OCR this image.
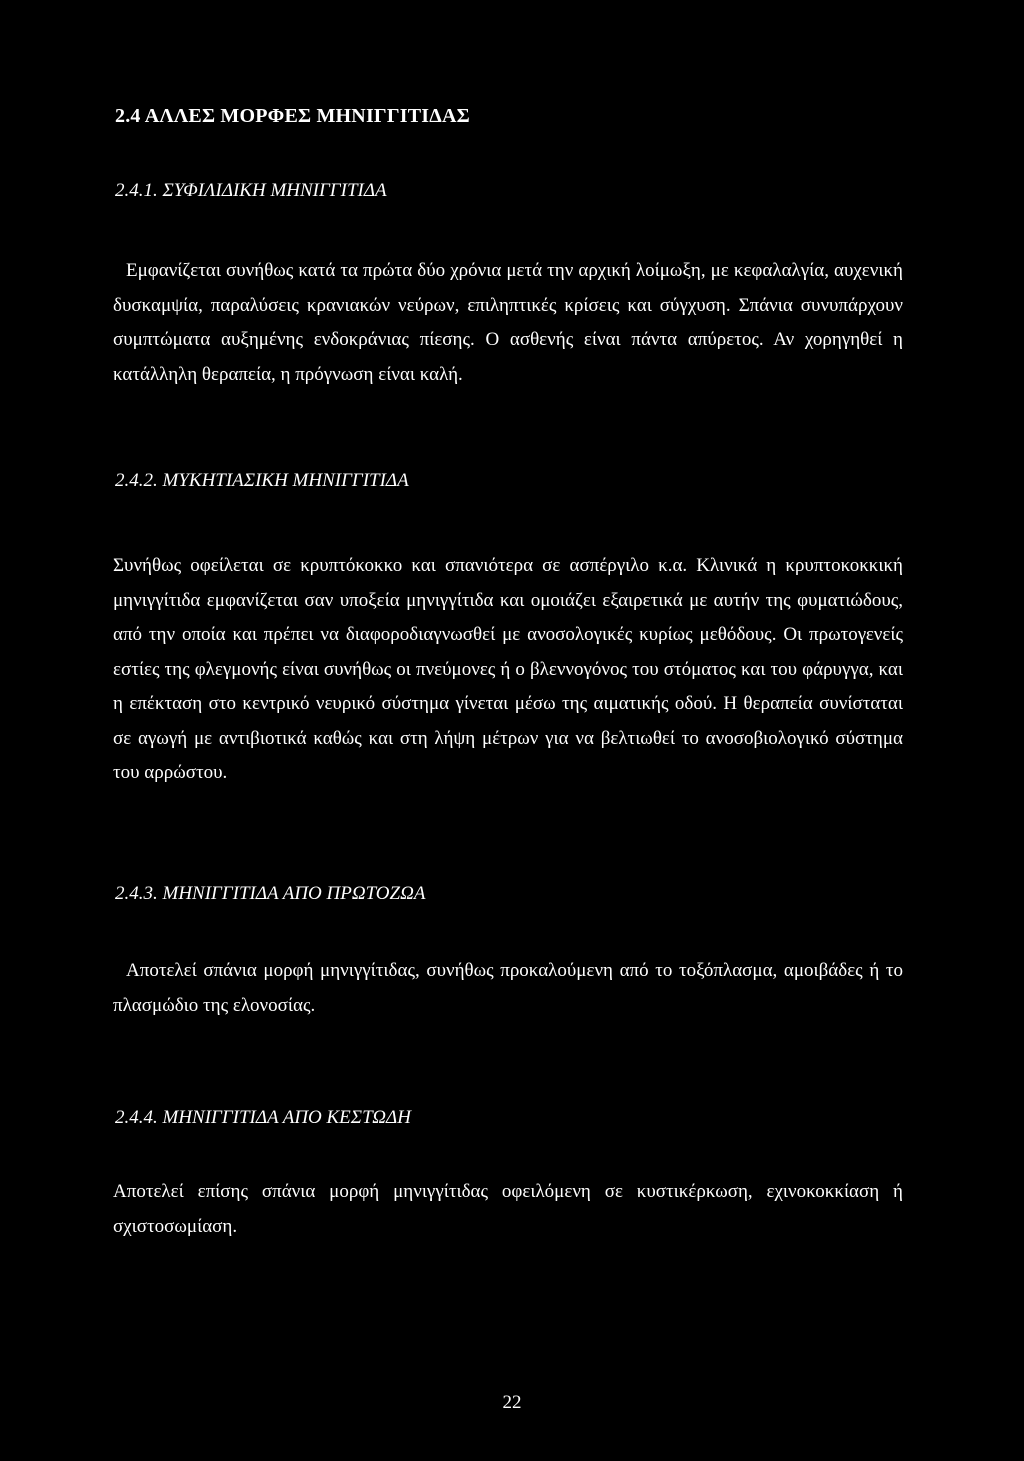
2.4 ΑΛΛΕΣ ΜΟΡΦΕΣ ΜΗΝΙΓΓΙΤΙΔΑΣ
2.4.1. ΣΥΦΙΛΙΔΙΚΗ ΜΗΝΙΓΓΙΤΙΔΑ

Εμφανίζεται συνήθως κατά τα πρώτα δύο χρόνια μετά την αρχική λοίμωξη, με κεφαλαλγία, αυχενική δυσκαμψία, παραλύσεις κρανιακών νεύρων, επιληπτικές κρίσεις και σύγχυση. Σπάνια συνυπάρχουν συμπτώματα αυξημένης ενδοκράνιας πίεσης. Ο ασθενής είναι πάντα απύρετος. Αν χορηγηθεί η κατάλληλη θεραπεία, η πρόγνωση είναι καλή.

2.4.2. ΜΥΚΗΤΙΑΣΙΚΗ ΜΗΝΙΓΓΙΤΙΔΑ

Συνήθως οφείλεται σε κρυπτόκοκκο και σπανιότερα σε ασπέργιλο κ.α. Κλινικά η κρυπτοκοκκική μηνιγγίτιδα εμφανίζεται σαν υποξεία μηνιγγίτιδα και ομοιάζει εξαιρετικά με αυτήν της φυματιώδους, από την οποία και πρέπει να διαφοροδιαγνωσθεί με ανοσολογικές κυρίως μεθόδους. Οι πρωτογενείς εστίες της φλεγμονής είναι συνήθως οι πνεύμονες ή ο βλεννογόνος του στόματος και του φάρυγγα, και η επέκταση στο κεντρικό νευρικό σύστημα γίνεται μέσω της αιματικής οδού. Η θεραπεία συνίσταται σε αγωγή με αντιβιοτικά καθώς και στη λήψη μέτρων για να βελτιωθεί το ανοσοβιολογικό σύστημα του αρρώστου.

2.4.3. ΜΗΝΙΓΓΙΤΙΔΑ ΑΠΟ ΠΡΩΤΟΖΩΑ

Αποτελεί σπάνια μορφή μηνιγγίτιδας, συνήθως προκαλούμενη από το τοξόπλασμα, αμοιβάδες ή το πλασμώδιο της ελονοσίας.

2.4.4. ΜΗΝΙΓΓΙΤΙΔΑ ΑΠΟ ΚΕΣΤΩΔΗ

Αποτελεί επίσης σπάνια μορφή μηνιγγίτιδας οφειλόμενη σε κυστικέρκωση, εχινοκοκκίαση ή σχιστοσωμίαση.

22
